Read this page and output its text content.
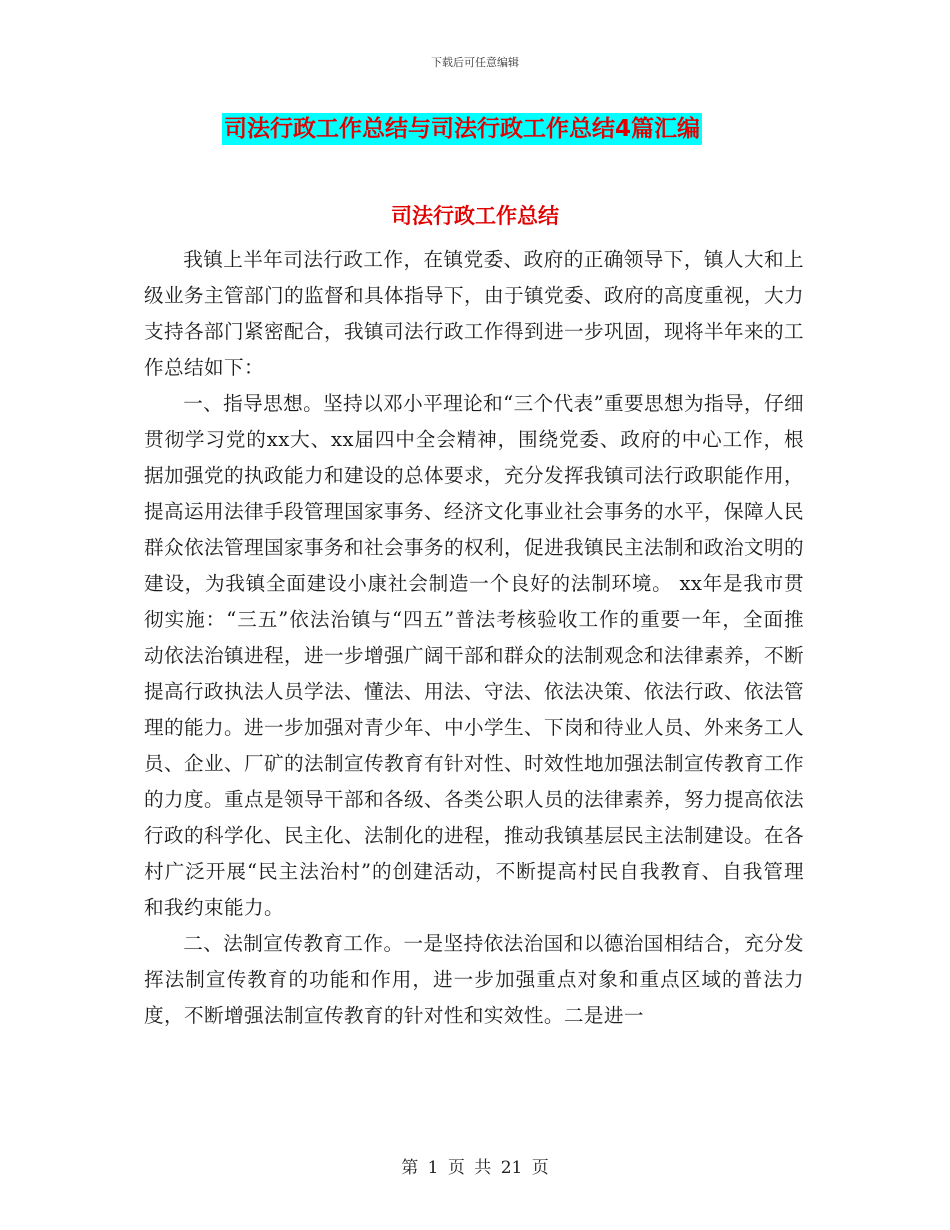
下载后可任意编辑
司法行政工作总结与司法行政工作总结4篇汇编
司法行政工作总结

我镇上半年司法行政工作，在镇党委、政府的正确领导下，镇人大和上级业务主管部门的监督和具体指导下，由于镇党委、政府的高度重视，大力支持各部门紧密配合，我镇司法行政工作得到进一步巩固，现将半年来的工作总结如下：

一、指导思想。坚持以邓小平理论和“三个代表”重要思想为指导，仔细贯彻学习党的xx大、xx届四中全会精神，围绕党委、政府的中心工作，根据加强党的执政能力和建设的总体要求，充分发挥我镇司法行政职能作用，提高运用法律手段管理国家事务、经济文化事业社会事务的水平，保障人民群众依法管理国家事务和社会事务的权利，促进我镇民主法制和政治文明的建设，为我镇全面建设小康社会制造一个良好的法制环境。 xx年是我市贯彻实施：“三五”依法治镇与“四五”普法考核验收工作的重要一年，全面推动依法治镇进程，进一步增强广阔干部和群众的法制观念和法律素养，不断提高行政执法人员学法、懂法、用法、守法、依法决策、依法行政、依法管理的能力。进一步加强对青少年、中小学生、下岗和待业人员、外来务工人员、企业、厂矿的法制宣传教育有针对性、时效性地加强法制宣传教育工作的力度。重点是领导干部和各级、各类公职人员的法律素养，努力提高依法行政的科学化、民主化、法制化的进程，推动我镇基层民主法制建设。在各村广泛开展“民主法治村”的创建活动，不断提高村民自我教育、自我管理和我约束能力。

二、法制宣传教育工作。一是坚持依法治国和以德治国相结合，充分发挥法制宣传教育的功能和作用，进一步加强重点对象和重点区域的普法力度，不断增强法制宣传教育的针对性和实效性。二是进一

第 1 页 共 21 页
